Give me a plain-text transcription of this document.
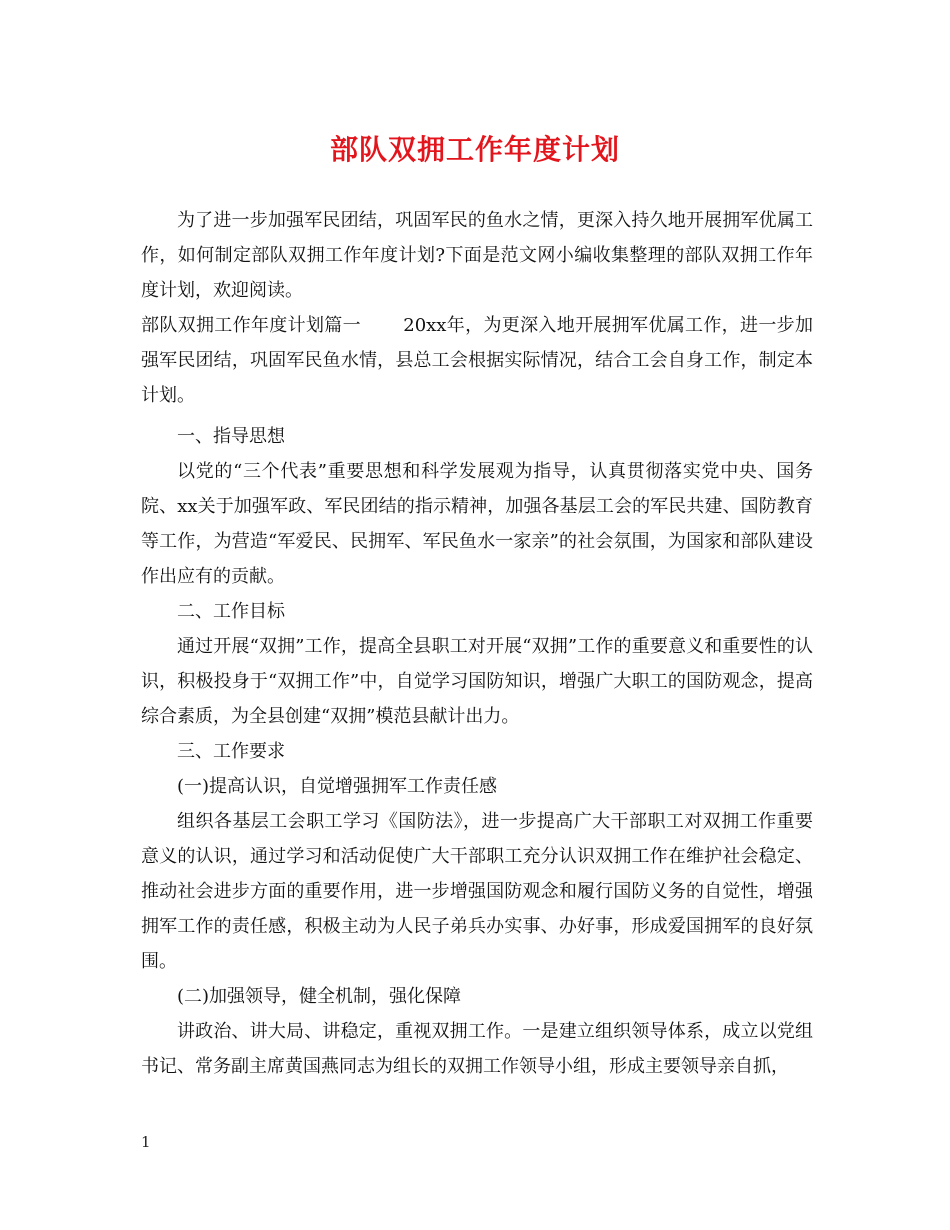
部队双拥工作年度计划

为了进一步加强军民团结，巩固军民的鱼水之情，更深入持久地开展拥军优属工作，如何制定部队双拥工作年度计划?下面是范文网小编收集整理的部队双拥工作年度计划，欢迎阅读。

部队双拥工作年度计划篇一       20xx年，为更深入地开展拥军优属工作，进一步加强军民团结，巩固军民鱼水情，县总工会根据实际情况，结合工会自身工作，制定本计划。

一、指导思想

以党的“三个代表”重要思想和科学发展观为指导，认真贯彻落实党中央、国务院、xx关于加强军政、军民团结的指示精神，加强各基层工会的军民共建、国防教育等工作，为营造“军爱民、民拥军、军民鱼水一家亲”的社会氛围，为国家和部队建设作出应有的贡献。

二、工作目标

通过开展“双拥”工作，提高全县职工对开展“双拥”工作的重要意义和重要性的认识，积极投身于“双拥工作”中，自觉学习国防知识，增强广大职工的国防观念，提高综合素质，为全县创建“双拥”模范县献计出力。

三、工作要求

(一)提高认识，自觉增强拥军工作责任感

组织各基层工会职工学习《国防法》，进一步提高广大干部职工对双拥工作重要意义的认识，通过学习和活动促使广大干部职工充分认识双拥工作在维护社会稳定、推动社会进步方面的重要作用，进一步增强国防观念和履行国防义务的自觉性，增强拥军工作的责任感，积极主动为人民子弟兵办实事、办好事，形成爱国拥军的良好氛围。

(二)加强领导，健全机制，强化保障

讲政治、讲大局、讲稳定，重视双拥工作。一是建立组织领导体系，成立以党组书记、常务副主席黄国燕同志为组长的双拥工作领导小组，形成主要领导亲自抓，

1
